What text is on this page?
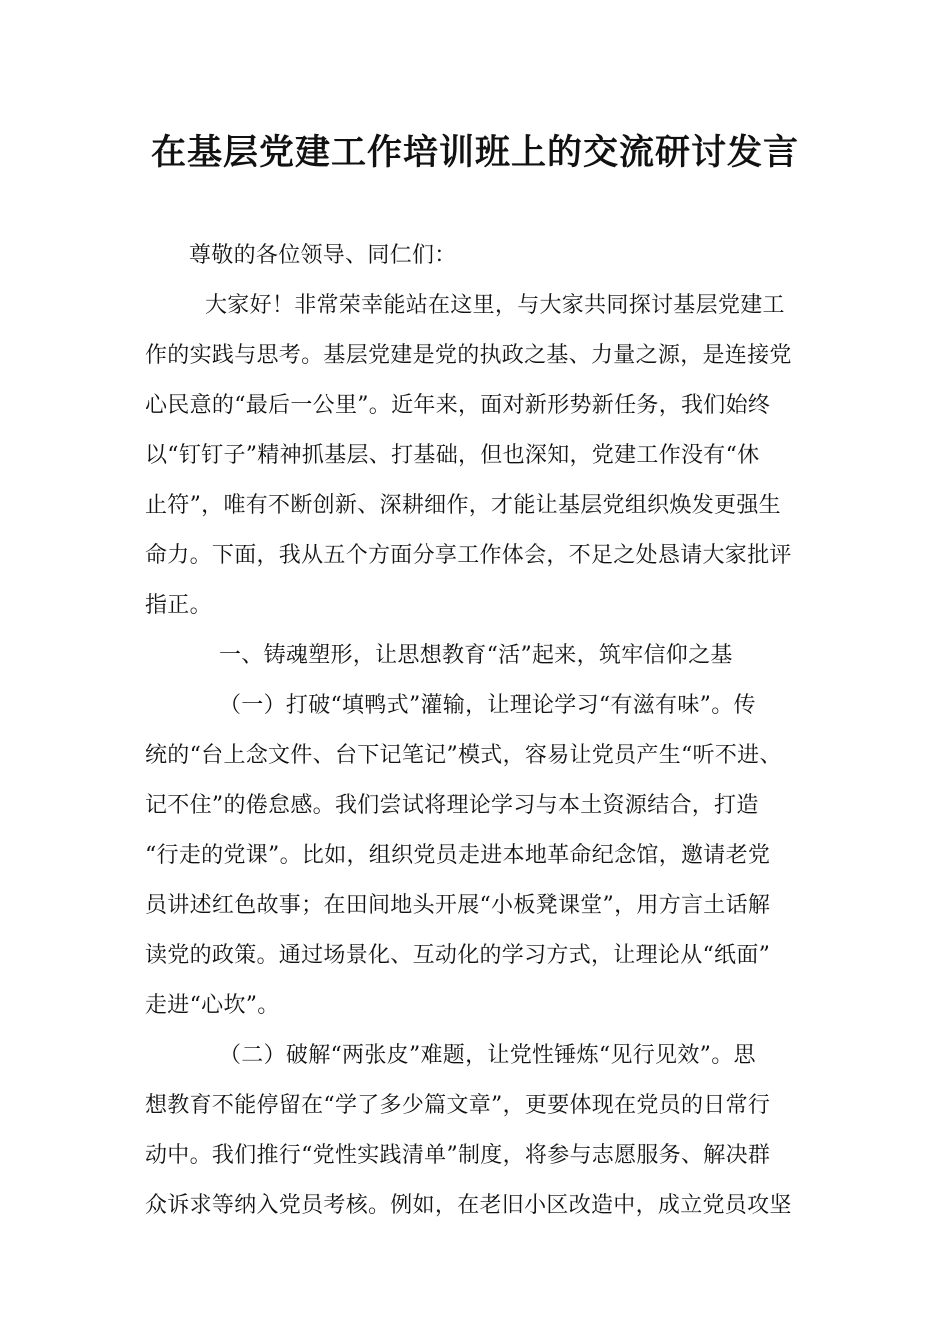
在基层党建工作培训班上的交流研讨发言
尊敬的各位领导、同仁们：
大家好！非常荣幸能站在这里，与大家共同探讨基层党建工
作的实践与思考。基层党建是党的执政之基、力量之源，是连接党
心民意的“最后一公里”。近年来，面对新形势新任务，我们始终
以“钉钉子”精神抓基层、打基础，但也深知，党建工作没有“休
止符”，唯有不断创新、深耕细作，才能让基层党组织焕发更强生
命力。下面，我从五个方面分享工作体会，不足之处恳请大家批评
指正。
一、铸魂塑形，让思想教育“活”起来，筑牢信仰之基
（一）打破“填鸭式”灌输，让理论学习“有滋有味”。传
统的“台上念文件、台下记笔记”模式，容易让党员产生“听不进、
记不住”的倦怠感。我们尝试将理论学习与本土资源结合，打造
“行走的党课”。比如，组织党员走进本地革命纪念馆，邀请老党
员讲述红色故事；在田间地头开展“小板凳课堂”，用方言土话解
读党的政策。通过场景化、互动化的学习方式，让理论从“纸面”
走进“心坎”。
（二）破解“两张皮”难题，让党性锤炼“见行见效”。思
想教育不能停留在“学了多少篇文章”，更要体现在党员的日常行
动中。我们推行“党性实践清单”制度，将参与志愿服务、解决群
众诉求等纳入党员考核。例如，在老旧小区改造中，成立党员攻坚
